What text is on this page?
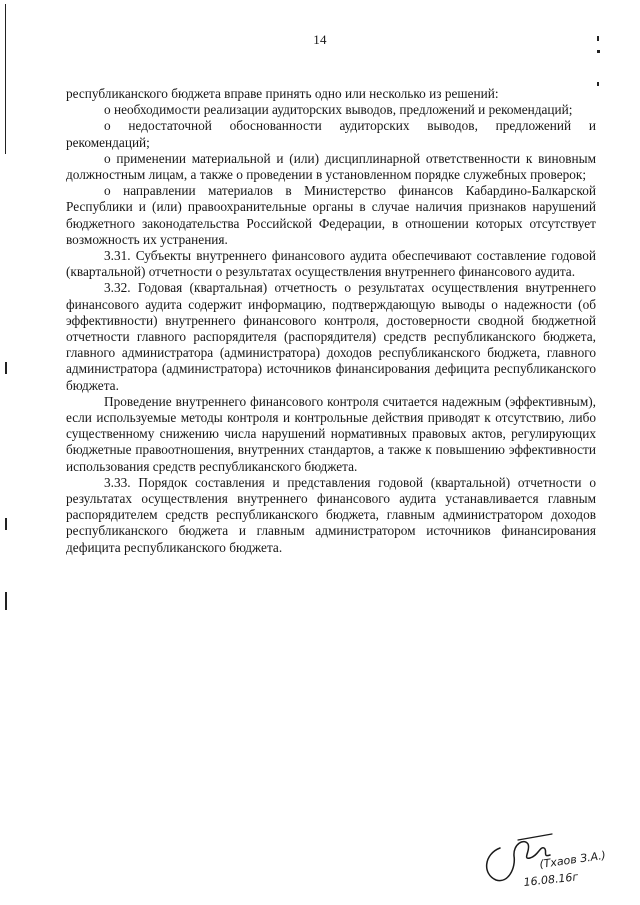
14

республиканского бюджета вправе принять одно или несколько из решений:

о необходимости реализации аудиторских выводов, предложений и рекомендаций;

о недостаточной обоснованности аудиторских выводов, предложений и рекомендаций;

о применении материальной и (или) дисциплинарной ответственности к виновным должностным лицам, а также о проведении в установленном порядке служебных проверок;

о направлении материалов в Министерство финансов Кабардино-Балкарской Республики и (или) правоохранительные органы в случае наличия признаков нарушений бюджетного законодательства Российской Федерации, в отношении которых отсутствует возможность их устранения.

3.31. Субъекты внутреннего финансового аудита обеспечивают составление годовой (квартальной) отчетности о результатах осуществления внутреннего финансового аудита.

3.32. Годовая (квартальная) отчетность о результатах осуществления внутреннего финансового аудита содержит информацию, подтверждающую выводы о надежности (об эффективности) внутреннего финансового контроля, достоверности сводной бюджетной отчетности главного распорядителя (распорядителя) средств республиканского бюджета, главного администратора (администратора) доходов республиканского бюджета, главного администратора (администратора) источников финансирования дефицита республиканского бюджета.

Проведение внутреннего финансового контроля считается надежным (эффективным), если используемые методы контроля и контрольные действия приводят к отсутствию, либо существенному снижению числа нарушений нормативных правовых актов, регулирующих бюджетные правоотношения, внутренних стандартов, а также к повышению эффективности использования средств республиканского бюджета.

3.33. Порядок составления и представления годовой (квартальной) отчетности о результатах осуществления внутреннего финансового аудита устанавливается главным распорядителем средств республиканского бюджета, главным администратором доходов республиканского бюджета и главным администратором источников финансирования дефицита республиканского бюджета.

(Тхаов З.А.)
16.08.16г
